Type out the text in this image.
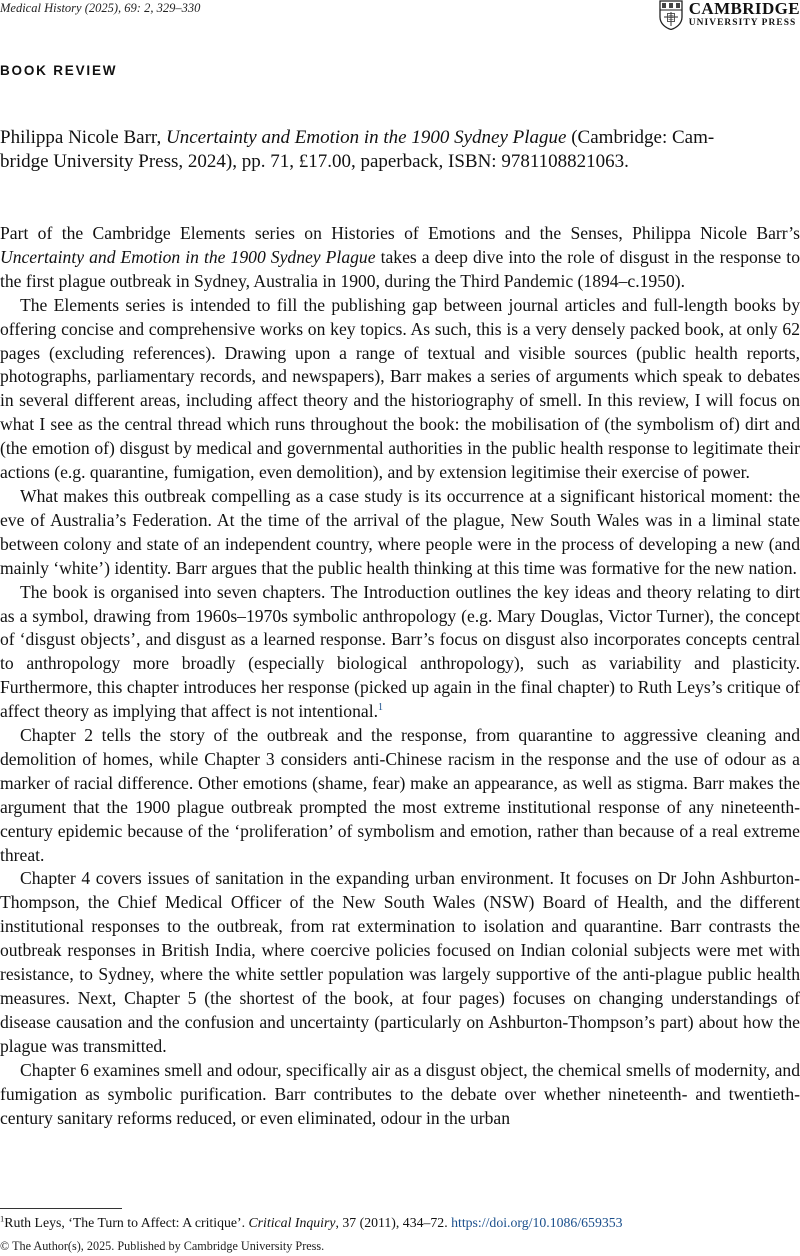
Medical History (2025), 69: 2, 329–330	CAMBRIDGE
UNIVERSITY PRESS
BOOK REVIEW
Philippa Nicole Barr, Uncertainty and Emotion in the 1900 Sydney Plague (Cambridge: Cam-
bridge University Press, 2024), pp. 71, £17.00, paperback, ISBN: 9781108821063.

Part of the Cambridge Elements series on Histories of Emotions and the Senses, Philippa Nicole Barr’s Uncertainty and Emotion in the 1900 Sydney Plague takes a deep dive into the role of disgust in the response to the first plague outbreak in Sydney, Australia in 1900, during the Third Pandemic (1894–c.1950).

The Elements series is intended to fill the publishing gap between journal articles and full-length books by offering concise and comprehensive works on key topics. As such, this is a very densely packed book, at only 62 pages (excluding references). Drawing upon a range of textual and visible sources (public health reports, photographs, parliamentary records, and newspapers), Barr makes a series of arguments which speak to debates in several different areas, including affect theory and the historiography of smell. In this review, I will focus on what I see as the central thread which runs throughout the book: the mobilisation of (the symbolism of) dirt and (the emotion of) disgust by medical and governmental authorities in the public health response to legitimate their actions (e.g. quarantine, fumigation, even demolition), and by extension legitimise their exercise of power.

What makes this outbreak compelling as a case study is its occurrence at a significant historical moment: the eve of Australia’s Federation. At the time of the arrival of the plague, New South Wales was in a liminal state between colony and state of an independent country, where people were in the process of developing a new (and mainly ‘white’) identity. Barr argues that the public health thinking at this time was formative for the new nation.

The book is organised into seven chapters. The Introduction outlines the key ideas and theory relating to dirt as a symbol, drawing from 1960s–1970s symbolic anthropology (e.g. Mary Douglas, Victor Turner), the concept of ‘disgust objects’, and disgust as a learned response. Barr’s focus on disgust also incorporates concepts central to anthropology more broadly (especially biological anthropology), such as variability and plasticity. Furthermore, this chapter introduces her response (picked up again in the final chapter) to Ruth Leys’s critique of affect theory as implying that affect is not intentional.$^1$

Chapter 2 tells the story of the outbreak and the response, from quarantine to aggressive cleaning and demolition of homes, while Chapter 3 considers anti-Chinese racism in the response and the use of odour as a marker of racial difference. Other emotions (shame, fear) make an appearance, as well as stigma. Barr makes the argument that the 1900 plague outbreak prompted the most extreme institutional response of any nineteenth-century epidemic because of the ‘proliferation’ of symbolism and emotion, rather than because of a real extreme threat.

Chapter 4 covers issues of sanitation in the expanding urban environment. It focuses on Dr John Ashburton-Thompson, the Chief Medical Officer of the New South Wales (NSW) Board of Health, and the different institutional responses to the outbreak, from rat extermination to isolation and quarantine. Barr contrasts the outbreak responses in British India, where coercive policies focused on Indian colonial subjects were met with resistance, to Sydney, where the white settler population was largely supportive of the anti-plague public health measures. Next, Chapter 5 (the shortest of the book, at four pages) focuses on changing understandings of disease causation and the confusion and uncertainty (particularly on Ashburton-Thompson’s part) about how the plague was transmitted.

Chapter 6 examines smell and odour, specifically air as a disgust object, the chemical smells of modernity, and fumigation as symbolic purification. Barr contributes to the debate over whether nineteenth- and twentieth-century sanitary reforms reduced, or even eliminated, odour in the urban

$^1$Ruth Leys, ‘The Turn to Affect: A critique’. Critical Inquiry, 37 (2011), 434–72. https://doi.org/10.1086/659353
© The Author(s), 2025. Published by Cambridge University Press.
